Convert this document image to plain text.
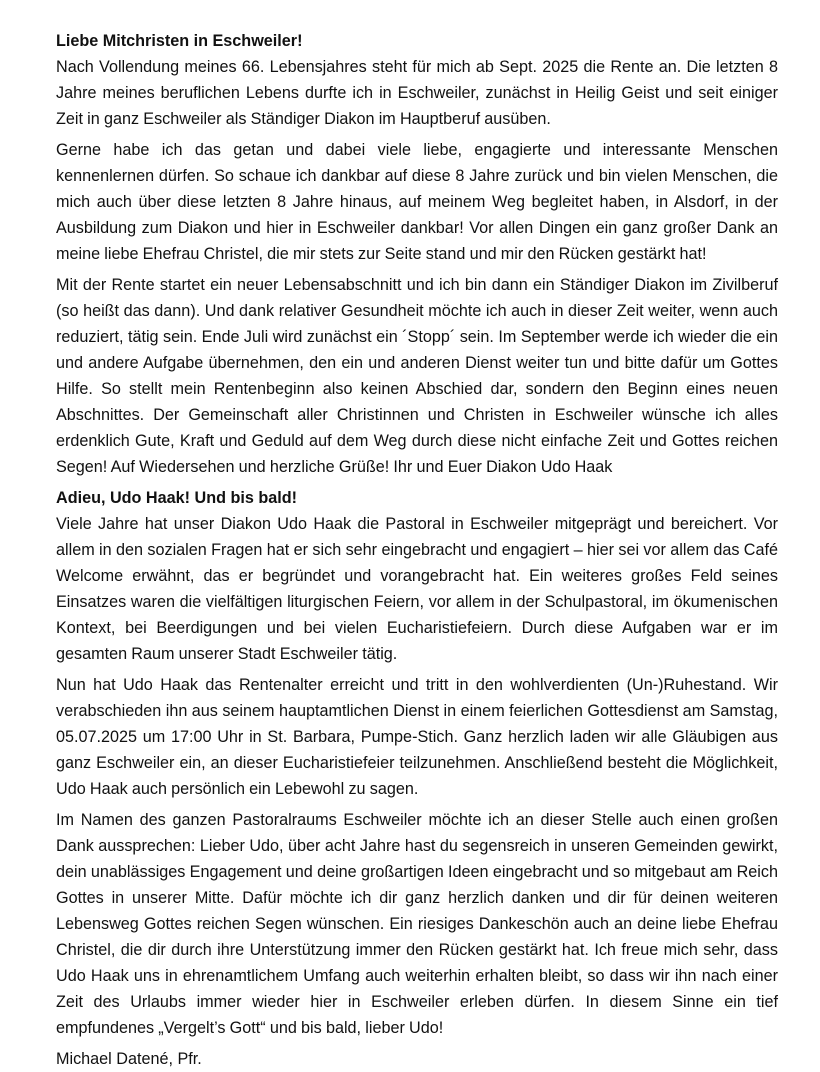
Liebe Mitchristen in Eschweiler!

Nach Vollendung meines 66. Lebensjahres steht für mich ab Sept. 2025 die Rente an. Die letzten 8 Jahre meines beruflichen Lebens durfte ich in Eschweiler, zunächst in Heilig Geist und seit einiger Zeit in ganz Eschweiler als Ständiger Diakon im Hauptberuf ausüben.

Gerne habe ich das getan und dabei viele liebe, engagierte und interessante Menschen kennenlernen dürfen. So schaue ich dankbar auf diese 8 Jahre zurück und bin vielen Menschen, die mich auch über diese letzten 8 Jahre hinaus, auf meinem Weg begleitet haben, in Alsdorf, in der Ausbildung zum Diakon und hier in Eschweiler dankbar! Vor allen Dingen ein ganz großer Dank an meine liebe Ehefrau Christel, die mir stets zur Seite stand und mir den Rücken gestärkt hat!

Mit der Rente startet ein neuer Lebensabschnitt und ich bin dann ein Ständiger Diakon im Zivilberuf (so heißt das dann). Und dank relativer Gesundheit möchte ich auch in dieser Zeit weiter, wenn auch reduziert, tätig sein. Ende Juli wird zunächst ein ´Stopp´ sein. Im September werde ich wieder die ein und andere Aufgabe übernehmen, den ein und anderen Dienst weiter tun und bitte dafür um Gottes Hilfe. So stellt mein Rentenbeginn also keinen Abschied dar, sondern den Beginn eines neuen Abschnittes. Der Gemeinschaft aller Christinnen und Christen in Eschweiler wünsche ich alles erdenklich Gute, Kraft und Geduld auf dem Weg durch diese nicht einfache Zeit und Gottes reichen Segen! Auf Wiedersehen und herzliche Grüße! Ihr und Euer Diakon Udo Haak

Adieu, Udo Haak! Und bis bald!

Viele Jahre hat unser Diakon Udo Haak die Pastoral in Eschweiler mitgeprägt und bereichert. Vor allem in den sozialen Fragen hat er sich sehr eingebracht und engagiert – hier sei vor allem das Café Welcome erwähnt, das er begründet und vorangebracht hat. Ein weiteres großes Feld seines Einsatzes waren die vielfältigen liturgischen Feiern, vor allem in der Schulpastoral, im ökumenischen Kontext, bei Beerdigungen und bei vielen Eucharistiefeiern. Durch diese Aufgaben war er im gesamten Raum unserer Stadt Eschweiler tätig.

Nun hat Udo Haak das Rentenalter erreicht und tritt in den wohlverdienten (Un-)Ruhestand. Wir verabschieden ihn aus seinem hauptamtlichen Dienst in einem feierlichen Gottesdienst am Samstag, 05.07.2025 um 17:00 Uhr in St. Barbara, Pumpe-Stich. Ganz herzlich laden wir alle Gläubigen aus ganz Eschweiler ein, an dieser Eucharistiefeier teilzunehmen. Anschließend besteht die Möglichkeit, Udo Haak auch persönlich ein Lebewohl zu sagen.

Im Namen des ganzen Pastoralraums Eschweiler möchte ich an dieser Stelle auch einen großen Dank aussprechen: Lieber Udo, über acht Jahre hast du segensreich in unseren Gemeinden gewirkt, dein unablässiges Engagement und deine großartigen Ideen eingebracht und so mitgebaut am Reich Gottes in unserer Mitte. Dafür möchte ich dir ganz herzlich danken und dir für deinen weiteren Lebensweg Gottes reichen Segen wünschen. Ein riesiges Dankeschön auch an deine liebe Ehefrau Christel, die dir durch ihre Unterstützung immer den Rücken gestärkt hat. Ich freue mich sehr, dass Udo Haak uns in ehrenamtlichem Umfang auch weiterhin erhalten bleibt, so dass wir ihn nach einer Zeit des Urlaubs immer wieder hier in Eschweiler erleben dürfen. In diesem Sinne ein tief empfundenes „Vergelt’s Gott“ und bis bald, lieber Udo!

Michael Datené, Pfr.
